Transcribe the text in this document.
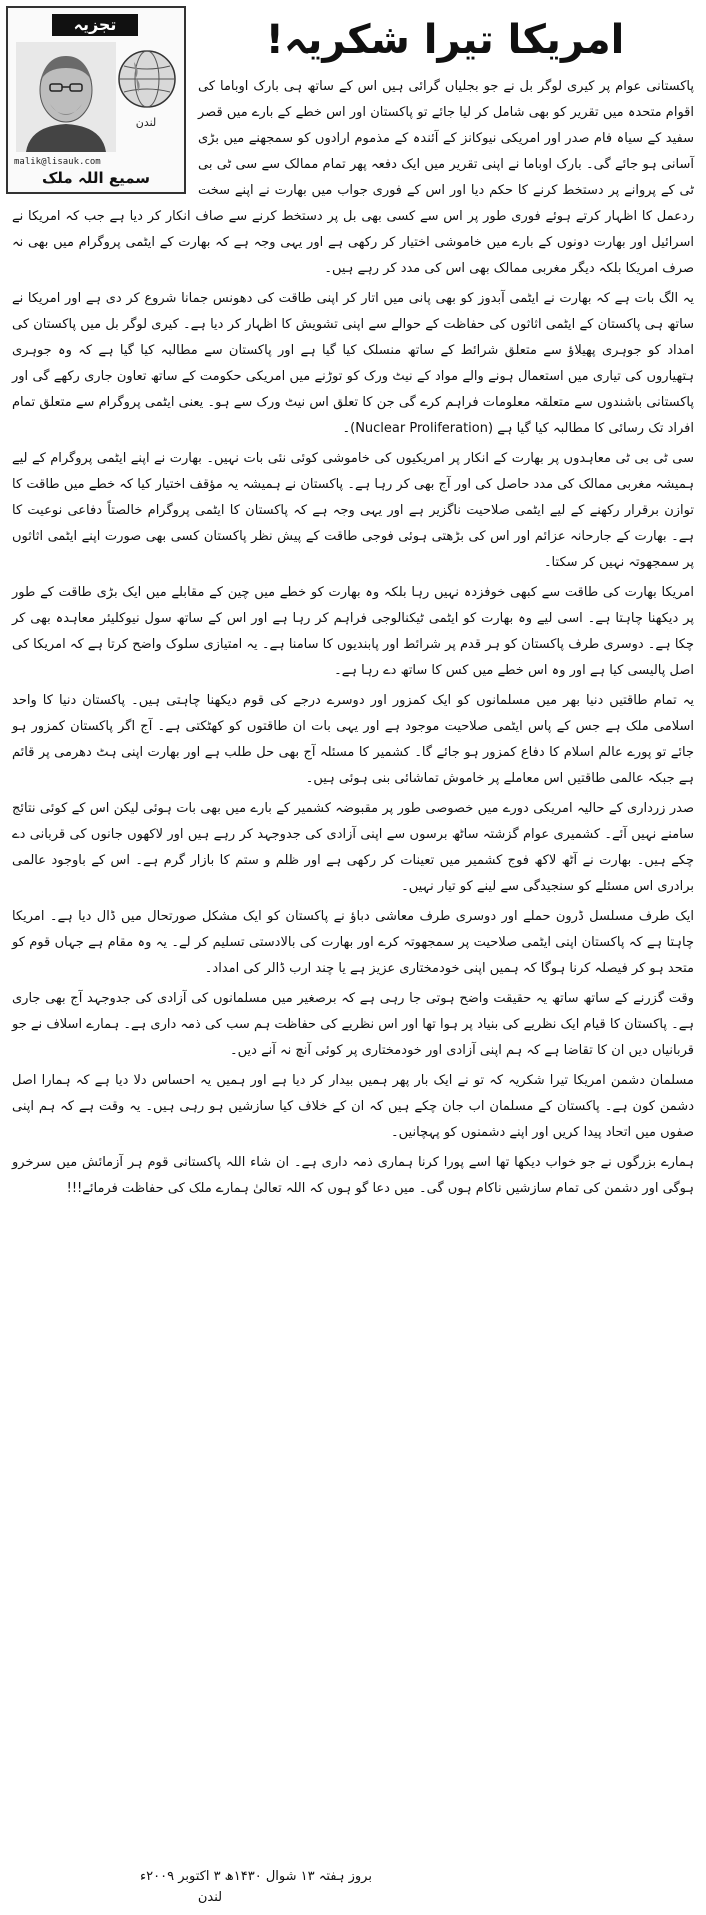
امریکا تیرا شکریہ!
تجزیہ
لندن
malik@lisauk.com
سمیع اللہ ملک

پاکستانی عوام پر کیری لوگر بل نے جو بجلیاں گرائی ہیں اس کے ساتھ ہی بارک اوباما کی اقوام متحدہ میں تقریر کو بھی شامل کر لیا جائے تو پاکستان اور اس خطے کے بارے میں قصر سفید کے سیاہ فام صدر اور امریکی نیوکانز کے آئندہ کے مذموم ارادوں کو سمجھنے میں بڑی آسانی ہو جائے گی۔ بارک اوباما نے اپنی تقریر میں ایک دفعہ پھر تمام ممالک سے سی ٹی بی ٹی کے پروانے پر دستخط کرنے کا حکم دیا اور اس کے فوری جواب میں بھارت نے اپنے سخت ردعمل کا اظہار کرتے ہوئے فوری طور پر اس سے کسی بھی بل پر دستخط کرنے سے صاف انکار کر دیا ہے جب کہ امریکا نے اسرائیل اور بھارت دونوں کے بارے میں خاموشی اختیار کر رکھی ہے اور یہی وجہ ہے کہ بھارت کے ایٹمی پروگرام میں بھی نہ صرف امریکا بلکہ دیگر مغربی ممالک بھی اس کی مدد کر رہے ہیں۔

یہ الگ بات ہے کہ بھارت نے ایٹمی آبدوز کو بھی پانی میں اتار کر اپنی طاقت کی دھونس جمانا شروع کر دی ہے اور امریکا نے ساتھ ہی پاکستان کے ایٹمی اثاثوں کی حفاظت کے حوالے سے اپنی تشویش کا اظہار کر دیا ہے۔ کیری لوگر بل میں پاکستان کی امداد کو جوہری پھیلاؤ سے متعلق شرائط کے ساتھ منسلک کیا گیا ہے اور پاکستان سے مطالبہ کیا گیا ہے کہ وہ جوہری ہتھیاروں کی تیاری میں استعمال ہونے والے مواد کے نیٹ ورک کو توڑنے میں امریکی حکومت کے ساتھ تعاون جاری رکھے گی اور پاکستانی باشندوں سے متعلقہ معلومات فراہم کرے گی جن کا تعلق اس نیٹ ورک سے ہو۔ یعنی ایٹمی پروگرام سے متعلق تمام افراد تک رسائی کا مطالبہ کیا گیا ہے (Nuclear Proliferation)۔

سی ٹی بی ٹی معاہدوں پر بھارت کے انکار پر امریکیوں کی خاموشی کوئی نئی بات نہیں۔ بھارت نے اپنے ایٹمی پروگرام کے لیے ہمیشہ مغربی ممالک کی مدد حاصل کی اور آج بھی کر رہا ہے۔ پاکستان نے ہمیشہ یہ مؤقف اختیار کیا کہ خطے میں طاقت کا توازن برقرار رکھنے کے لیے ایٹمی صلاحیت ناگزیر ہے اور یہی وجہ ہے کہ پاکستان کا ایٹمی پروگرام خالصتاً دفاعی نوعیت کا ہے۔ بھارت کے جارحانہ عزائم اور اس کی بڑھتی ہوئی فوجی طاقت کے پیش نظر پاکستان کسی بھی صورت اپنے ایٹمی اثاثوں پر سمجھوتہ نہیں کر سکتا۔

امریکا بھارت کی طاقت سے کبھی خوفزدہ نہیں رہا بلکہ وہ بھارت کو خطے میں چین کے مقابلے میں ایک بڑی طاقت کے طور پر دیکھنا چاہتا ہے۔ اسی لیے وہ بھارت کو ایٹمی ٹیکنالوجی فراہم کر رہا ہے اور اس کے ساتھ سول نیوکلیئر معاہدہ بھی کر چکا ہے۔ دوسری طرف پاکستان کو ہر قدم پر شرائط اور پابندیوں کا سامنا ہے۔ یہ امتیازی سلوک واضح کرتا ہے کہ امریکا کی اصل پالیسی کیا ہے اور وہ اس خطے میں کس کا ساتھ دے رہا ہے۔

یہ تمام طاقتیں دنیا بھر میں مسلمانوں کو ایک کمزور اور دوسرے درجے کی قوم دیکھنا چاہتی ہیں۔ پاکستان دنیا کا واحد اسلامی ملک ہے جس کے پاس ایٹمی صلاحیت موجود ہے اور یہی بات ان طاقتوں کو کھٹکتی ہے۔ آج اگر پاکستان کمزور ہو جائے تو پورے عالم اسلام کا دفاع کمزور ہو جائے گا۔ کشمیر کا مسئلہ آج بھی حل طلب ہے اور بھارت اپنی ہٹ دھرمی پر قائم ہے جبکہ عالمی طاقتیں اس معاملے پر خاموش تماشائی بنی ہوئی ہیں۔

صدر زرداری کے حالیہ امریکی دورے میں خصوصی طور پر مقبوضہ کشمیر کے بارے میں بھی بات ہوئی لیکن اس کے کوئی نتائج سامنے نہیں آئے۔ کشمیری عوام گزشتہ ساٹھ برسوں سے اپنی آزادی کی جدوجہد کر رہے ہیں اور لاکھوں جانوں کی قربانی دے چکے ہیں۔ بھارت نے آٹھ لاکھ فوج کشمیر میں تعینات کر رکھی ہے اور ظلم و ستم کا بازار گرم ہے۔ اس کے باوجود عالمی برادری اس مسئلے کو سنجیدگی سے لینے کو تیار نہیں۔

ایک طرف مسلسل ڈرون حملے اور دوسری طرف معاشی دباؤ نے پاکستان کو ایک مشکل صورتحال میں ڈال دیا ہے۔ امریکا چاہتا ہے کہ پاکستان اپنی ایٹمی صلاحیت پر سمجھوتہ کرے اور بھارت کی بالادستی تسلیم کر لے۔ یہ وہ مقام ہے جہاں قوم کو متحد ہو کر فیصلہ کرنا ہوگا کہ ہمیں اپنی خودمختاری عزیز ہے یا چند ارب ڈالر کی امداد۔

وقت گزرنے کے ساتھ ساتھ یہ حقیقت واضح ہوتی جا رہی ہے کہ برصغیر میں مسلمانوں کی آزادی کی جدوجہد آج بھی جاری ہے۔ پاکستان کا قیام ایک نظریے کی بنیاد پر ہوا تھا اور اس نظریے کی حفاظت ہم سب کی ذمہ داری ہے۔ ہمارے اسلاف نے جو قربانیاں دیں ان کا تقاضا ہے کہ ہم اپنی آزادی اور خودمختاری پر کوئی آنچ نہ آنے دیں۔

مسلمان دشمن امریکا تیرا شکریہ کہ تو نے ایک بار پھر ہمیں بیدار کر دیا ہے اور ہمیں یہ احساس دلا دیا ہے کہ ہمارا اصل دشمن کون ہے۔ پاکستان کے مسلمان اب جان چکے ہیں کہ ان کے خلاف کیا سازشیں ہو رہی ہیں۔ یہ وقت ہے کہ ہم اپنی صفوں میں اتحاد پیدا کریں اور اپنے دشمنوں کو پہچانیں۔

ہمارے بزرگوں نے جو خواب دیکھا تھا اسے پورا کرنا ہماری ذمہ داری ہے۔ ان شاء اللہ پاکستانی قوم ہر آزمائش میں سرخرو ہوگی اور دشمن کی تمام سازشیں ناکام ہوں گی۔ میں دعا گو ہوں کہ اللہ تعالیٰ ہمارے ملک کی حفاظت فرمائے!!!

بروز ہفتہ ۱۳ شوال ۱۴۳۰ھ ۳ اکتوبر ۲۰۰۹ء
لندن
